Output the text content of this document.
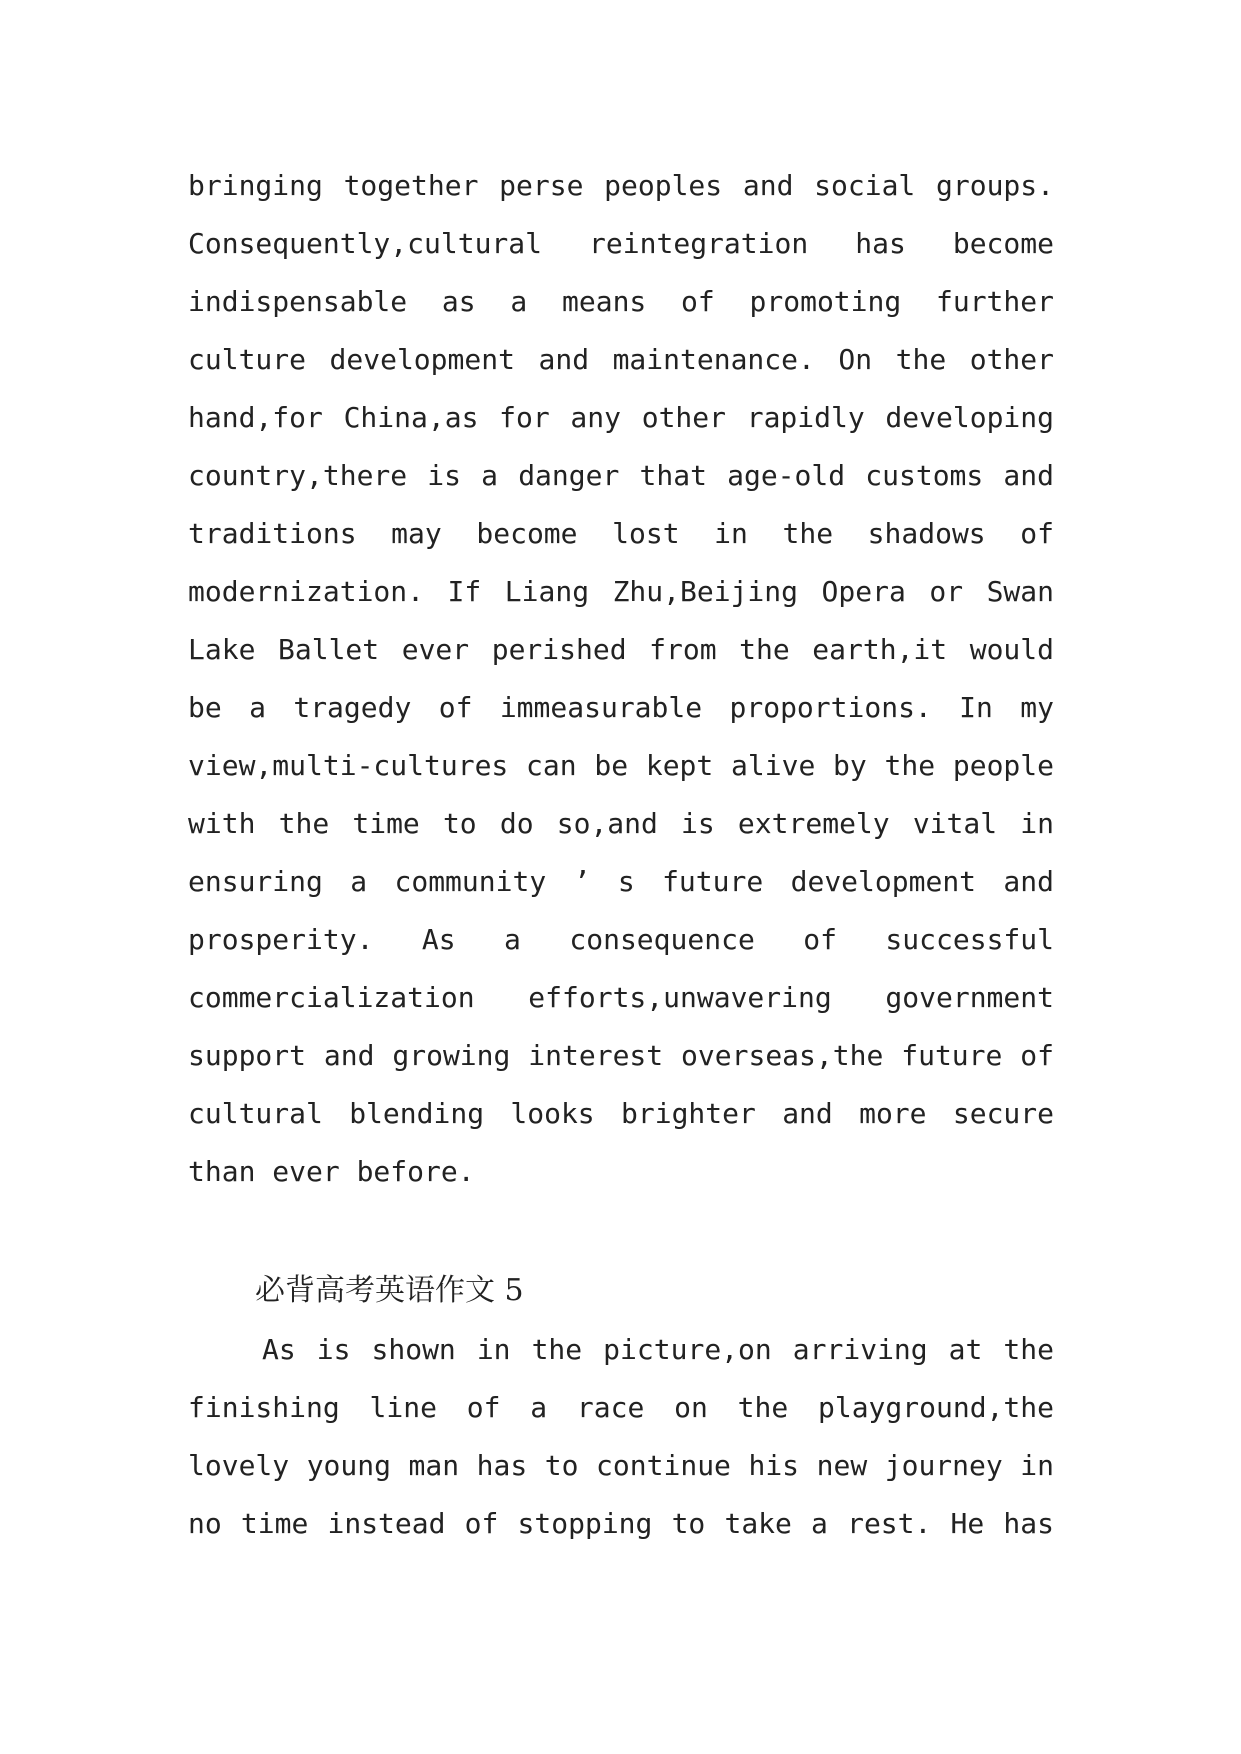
bringing together perse peoples and social groups.
Consequently,cultural reintegration has become
indispensable as a means of promoting further
culture development and maintenance. On the other
hand,for China,as for any other rapidly developing
country,there is a danger that age-old customs and
traditions may become lost in the shadows of
modernization. If Liang Zhu,Beijing Opera or Swan
Lake Ballet ever perished from the earth,it would
be a tragedy of immeasurable proportions. In my
view,multi-cultures can be kept alive by the people
with the time to do so,and is extremely vital in
ensuring a community ’ s future development and
prosperity. As a consequence of successful
commercialization efforts,unwavering government
support and growing interest overseas,the future of
cultural blending looks brighter and more secure
than ever before.
必背高考英语作文 5
As is shown in the picture,on arriving at the
finishing line of a race on the playground,the
lovely young man has to continue his new journey in
no time instead of stopping to take a rest. He has
